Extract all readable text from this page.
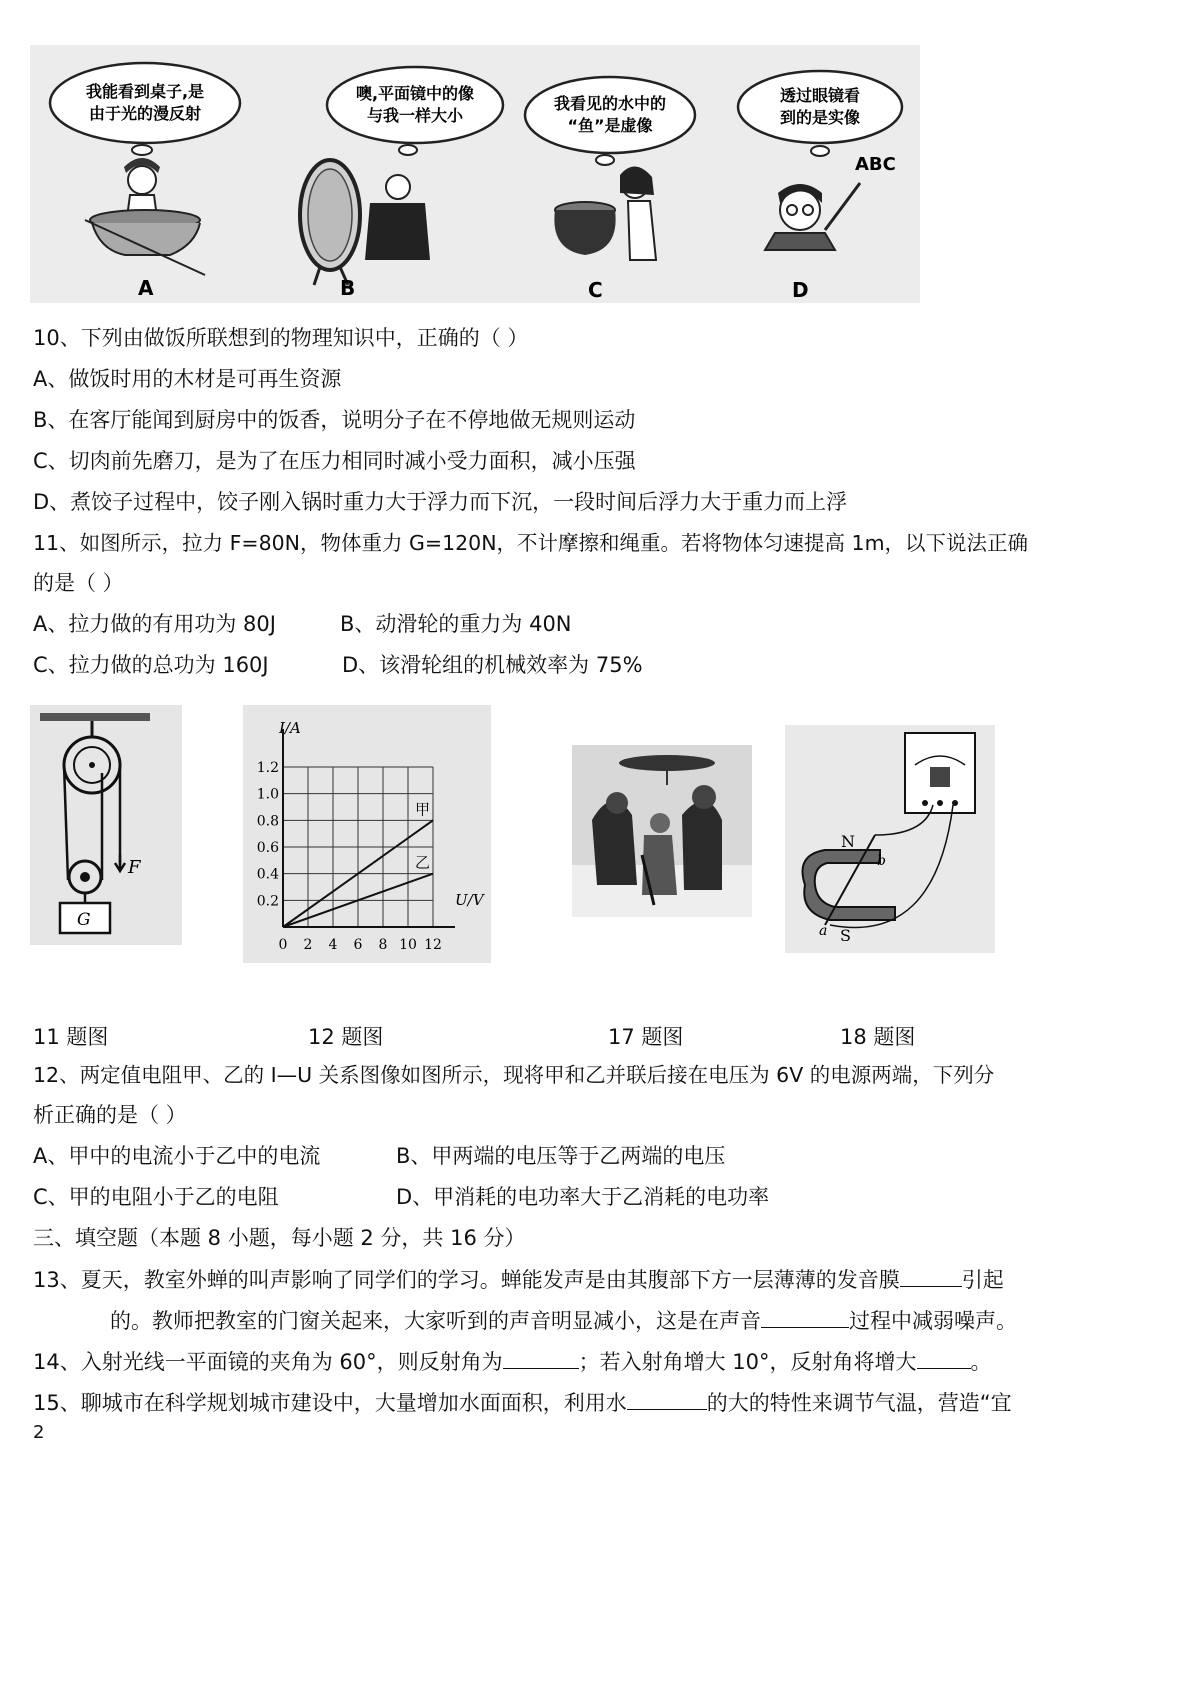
我能看到桌子,是
由于光的漫反射
噢,平面镜中的像
与我一样大小
我看见的水中的
“鱼”是虚像
透过眼镜看
到的是实像
ABC
A	B	C	D
10、下列由做饭所联想到的物理知识中，正确的（ ）
A、做饭时用的木材是可再生资源
B、在客厅能闻到厨房中的饭香，说明分子在不停地做无规则运动
C、切肉前先磨刀，是为了在压力相同时减小受力面积，减小压强
D、煮饺子过程中，饺子刚入锅时重力大于浮力而下沉，一段时间后浮力大于重力而上浮
11、如图所示，拉力 F=80N，物体重力 G=120N，不计摩擦和绳重。若将物体匀速提高 1m，以下说法正确
的是（ ）
A、拉力做的有用功为 80J	B、动滑轮的重力为 40N
C、拉力做的总功为 160J	D、该滑轮组的机械效率为 75%
F
G
0 2 4 6 8 10 12
0.2
0.4
0.6
0.8
1.0
1.2
甲
乙
I/A
U/V
N
S
a
b
11 题图	12 题图	17 题图	18 题图
12、两定值电阻甲、乙的 I—U 关系图像如图所示，现将甲和乙并联后接在电压为 6V 的电源两端，下列分
析正确的是（ ）
A、甲中的电流小于乙中的电流	B、甲两端的电压等于乙两端的电压
C、甲的电阻小于乙的电阻	D、甲消耗的电功率大于乙消耗的电功率
三、填空题（本题 8 小题，每小题 2 分，共 16 分）
13、夏天，教室外蝉的叫声影响了同学们的学习。蝉能发声是由其腹部下方一层薄薄的发音膜	引起
的。教师把教室的门窗关起来，大家听到的声音明显减小，这是在声音	过程中减弱噪声。
14、入射光线一平面镜的夹角为 60°，则反射角为	；若入射角增大 10°，反射角将增大	。
15、聊城市在科学规划城市建设中，大量增加水面面积，利用水	的大的特性来调节气温，营造“宜
2
